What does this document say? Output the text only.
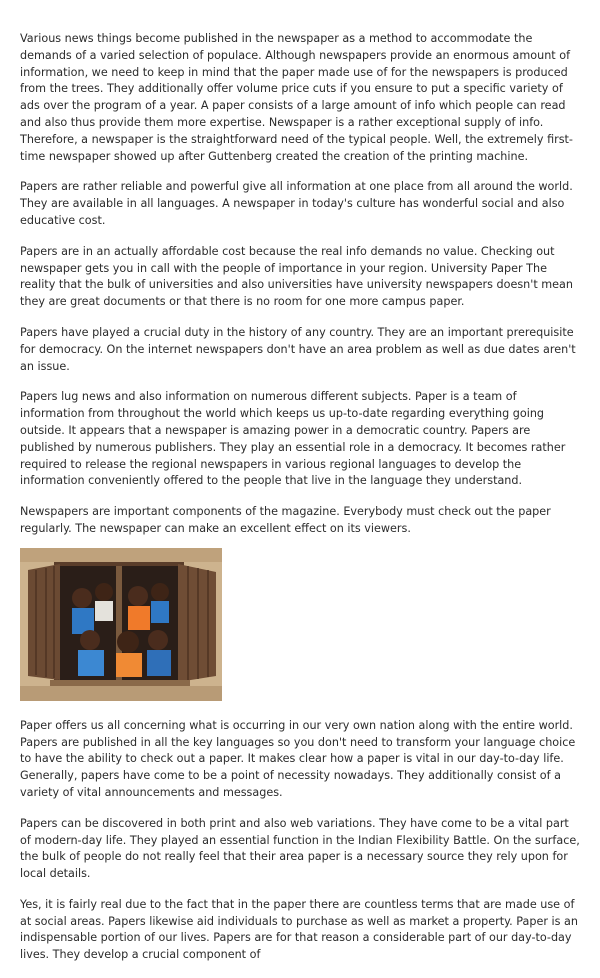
Various news things become published in the newspaper as a method to accommodate the demands of a varied selection of populace. Although newspapers provide an enormous amount of information, we need to keep in mind that the paper made use of for the newspapers is produced from the trees. They additionally offer volume price cuts if you ensure to put a specific variety of ads over the program of a year. A paper consists of a large amount of info which people can read and also thus provide them more expertise. Newspaper is a rather exceptional supply of info. Therefore, a newspaper is the straightforward need of the typical people. Well, the extremely first-time newspaper showed up after Guttenberg created the creation of the printing machine.

Papers are rather reliable and powerful give all information at one place from all around the world. They are available in all languages. A newspaper in today's culture has wonderful social and also educative cost.

Papers are in an actually affordable cost because the real info demands no value. Checking out newspaper gets you in call with the people of importance in your region. University Paper The reality that the bulk of universities and also universities have university newspapers doesn't mean they are great documents or that there is no room for one more campus paper.

Papers have played a crucial duty in the history of any country. They are an important prerequisite for democracy. On the internet newspapers don't have an area problem as well as due dates aren't an issue.

Papers lug news and also information on numerous different subjects. Paper is a team of information from throughout the world which keeps us up-to-date regarding everything going outside. It appears that a newspaper is amazing power in a democratic country. Papers are published by numerous publishers. They play an essential role in a democracy. It becomes rather required to release the regional newspapers in various regional languages to develop the information conveniently offered to the people that live in the language they understand.

Newspapers are important components of the magazine. Everybody must check out the paper regularly. The newspaper can make an excellent effect on its viewers.

Paper offers us all concerning what is occurring in our very own nation along with the entire world. Papers are published in all the key languages so you don't need to transform your language choice to have the ability to check out a paper. It makes clear how a paper is vital in our day-to-day life. Generally, papers have come to be a point of necessity nowadays. They additionally consist of a variety of vital announcements and messages.

Papers can be discovered in both print and also web variations. They have come to be a vital part of modern-day life. They played an essential function in the Indian Flexibility Battle. On the surface, the bulk of people do not really feel that their area paper is a necessary source they rely upon for local details.

Yes, it is fairly real due to the fact that in the paper there are countless terms that are made use of at social areas. Papers likewise aid individuals to purchase as well as market a property. Paper is an indispensable portion of our lives. Papers are for that reason a considerable part of our day-to-day lives. They develop a crucial component of
